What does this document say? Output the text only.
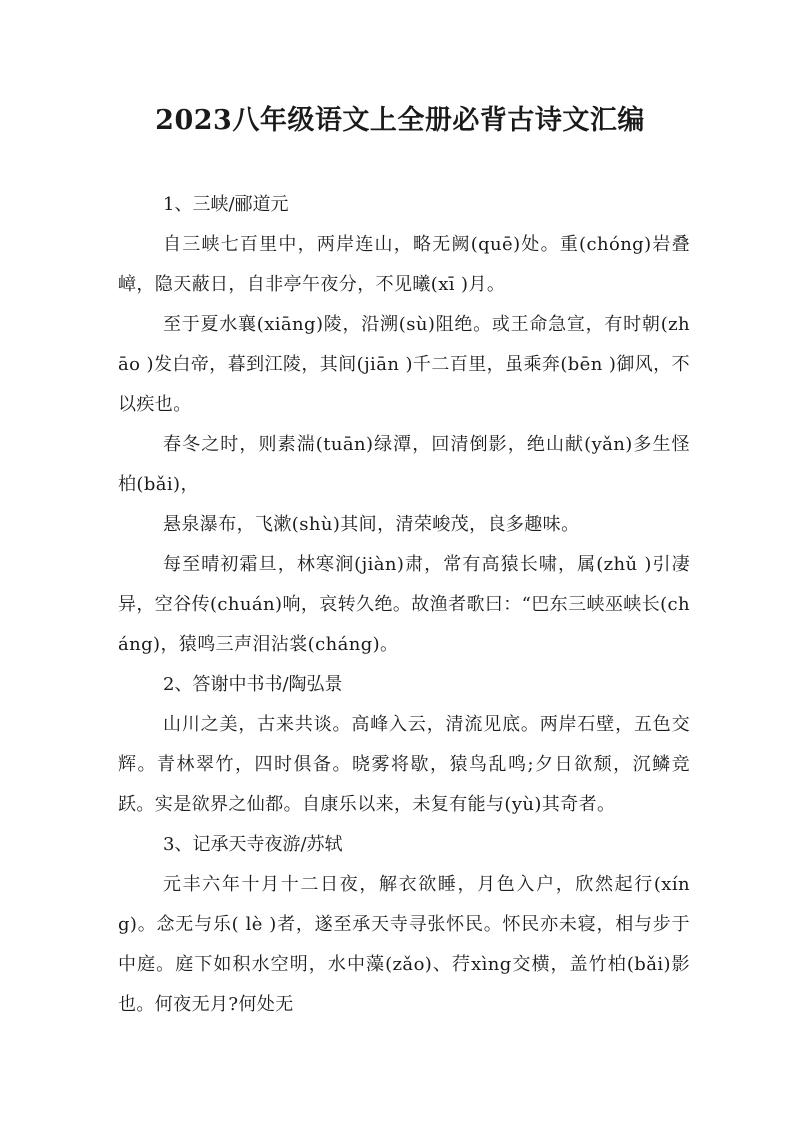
2023八年级语文上全册必背古诗文汇编

1、三峡/郦道元

自三峡七百里中，两岸连山，略无阙(quē)处。重(chóng)岩叠嶂，隐天蔽日，自非亭午夜分，不见曦(xī )月。

至于夏水襄(xiāng)陵，沿溯(sù)阻绝。或王命急宣，有时朝(zhāo )发白帝，暮到江陵，其间(jiān )千二百里，虽乘奔(bēn )御风，不以疾也。

春冬之时，则素湍(tuān)绿潭，回清倒影，绝山献(yǎn)多生怪柏(bǎi)，

悬泉瀑布，飞漱(shù)其间，清荣峻茂，良多趣味。

每至晴初霜旦，林寒涧(jiàn)肃，常有高猿长啸，属(zhǔ )引凄异，空谷传(chuán)响，哀转久绝。故渔者歌曰：“巴东三峡巫峡长(cháng)，猿鸣三声泪沾裳(cháng)。

2、答谢中书书/陶弘景

山川之美，古来共谈。高峰入云，清流见底。两岸石壁，五色交辉。青林翠竹，四时俱备。晓雾将歇，猿鸟乱鸣;夕日欲颓，沉鳞竞跃。实是欲界之仙都。自康乐以来，未复有能与(yù)其奇者。

3、记承天寺夜游/苏轼

元丰六年十月十二日夜，解衣欲睡，月色入户，欣然起行(xíng)。念无与乐( lè )者，遂至承天寺寻张怀民。怀民亦未寝，相与步于中庭。庭下如积水空明，水中藻(zǎo)、荇xìng交横，盖竹柏(bǎi)影也。何夜无月?何处无
